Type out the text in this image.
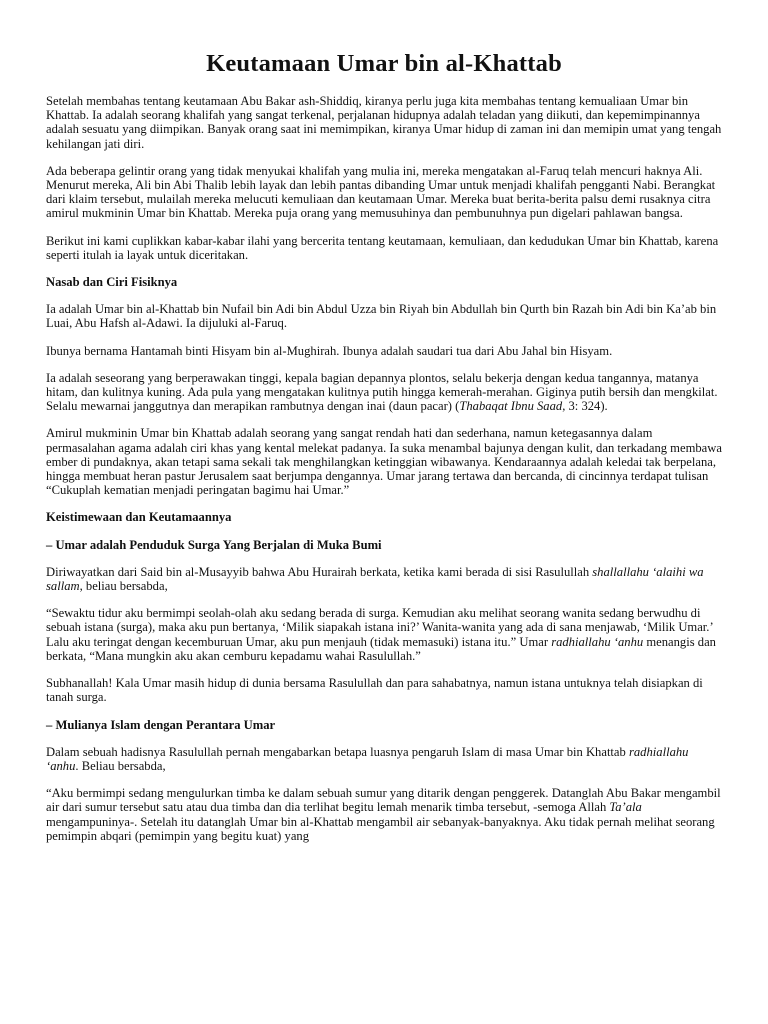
Keutamaan Umar bin al-Khattab

Setelah membahas tentang keutamaan Abu Bakar ash-Shiddiq, kiranya perlu juga kita membahas tentang kemualiaan Umar bin Khattab. Ia adalah seorang khalifah yang sangat terkenal, perjalanan hidupnya adalah teladan yang diikuti, dan kepemimpinannya adalah sesuatu yang diimpikan. Banyak orang saat ini memimpikan, kiranya Umar hidup di zaman ini dan memipin umat yang tengah kehilangan jati diri.

Ada beberapa gelintir orang yang tidak menyukai khalifah yang mulia ini, mereka mengatakan al-Faruq telah mencuri haknya Ali. Menurut mereka, Ali bin Abi Thalib lebih layak dan lebih pantas dibanding Umar untuk menjadi khalifah pengganti Nabi. Berangkat dari klaim tersebut, mulailah mereka melucuti kemuliaan dan keutamaan Umar. Mereka buat berita-berita palsu demi rusaknya citra amirul mukminin Umar bin Khattab. Mereka puja orang yang memusuhinya dan pembunuhnya pun digelari pahlawan bangsa.

Berikut ini kami cuplikkan kabar-kabar ilahi yang bercerita tentang keutamaan, kemuliaan, dan kedudukan Umar bin Khattab, karena seperti itulah ia layak untuk diceritakan.

Nasab dan Ciri Fisiknya

Ia adalah Umar bin al-Khattab bin Nufail bin Adi bin Abdul Uzza bin Riyah bin Abdullah bin Qurth bin Razah bin Adi bin Ka’ab bin Luai, Abu Hafsh al-Adawi. Ia dijuluki al-Faruq.

Ibunya bernama Hantamah binti Hisyam bin al-Mughirah. Ibunya adalah saudari tua dari Abu Jahal bin Hisyam.

Ia adalah seseorang yang berperawakan tinggi, kepala bagian depannya plontos, selalu bekerja dengan kedua tangannya, matanya hitam, dan kulitnya kuning. Ada pula yang mengatakan kulitnya putih hingga kemerah-merahan. Giginya putih bersih dan mengkilat. Selalu mewarnai janggutnya dan merapikan rambutnya dengan inai (daun pacar) (Thabaqat Ibnu Saad, 3: 324).

Amirul mukminin Umar bin Khattab adalah seorang yang sangat rendah hati dan sederhana, namun ketegasannya dalam permasalahan agama adalah ciri khas yang kental melekat padanya. Ia suka menambal bajunya dengan kulit, dan terkadang membawa ember di pundaknya, akan tetapi sama sekali tak menghilangkan ketinggian wibawanya. Kendaraannya adalah keledai tak berpelana, hingga membuat heran pastur Jerusalem saat berjumpa dengannya. Umar jarang tertawa dan bercanda, di cincinnya terdapat tulisan “Cukuplah kematian menjadi peringatan bagimu hai Umar.”

Keistimewaan dan Keutamaannya

– Umar adalah Penduduk Surga Yang Berjalan di Muka Bumi

Diriwayatkan dari Said bin al-Musayyib bahwa Abu Hurairah berkata, ketika kami berada di sisi Rasulullah shallallahu ‘alaihi wa sallam, beliau bersabda,

“Sewaktu tidur aku bermimpi seolah-olah aku sedang berada di surga. Kemudian aku melihat seorang wanita sedang berwudhu di sebuah istana (surga), maka aku pun bertanya, ‘Milik siapakah istana ini?’ Wanita-wanita yang ada di sana menjawab, ‘Milik Umar.’ Lalu aku teringat dengan kecemburuan Umar, aku pun menjauh (tidak memasuki) istana itu.” Umar radhiallahu ‘anhu menangis dan berkata, “Mana mungkin aku akan cemburu kepadamu wahai Rasulullah.”

Subhanallah! Kala Umar masih hidup di dunia bersama Rasulullah dan para sahabatnya, namun istana untuknya telah disiapkan di tanah surga.

– Mulianya Islam dengan Perantara Umar

Dalam sebuah hadisnya Rasulullah pernah mengabarkan betapa luasnya pengaruh Islam di masa Umar bin Khattab radhiallahu ‘anhu. Beliau bersabda,

“Aku bermimpi sedang mengulurkan timba ke dalam sebuah sumur yang ditarik dengan penggerek. Datanglah Abu Bakar mengambil air dari sumur tersebut satu atau dua timba dan dia terlihat begitu lemah menarik timba tersebut, -semoga Allah Ta’ala mengampuninya-. Setelah itu datanglah Umar bin al-Khattab mengambil air sebanyak-banyaknya. Aku tidak pernah melihat seorang pemimpin abqari (pemimpin yang begitu kuat) yang
